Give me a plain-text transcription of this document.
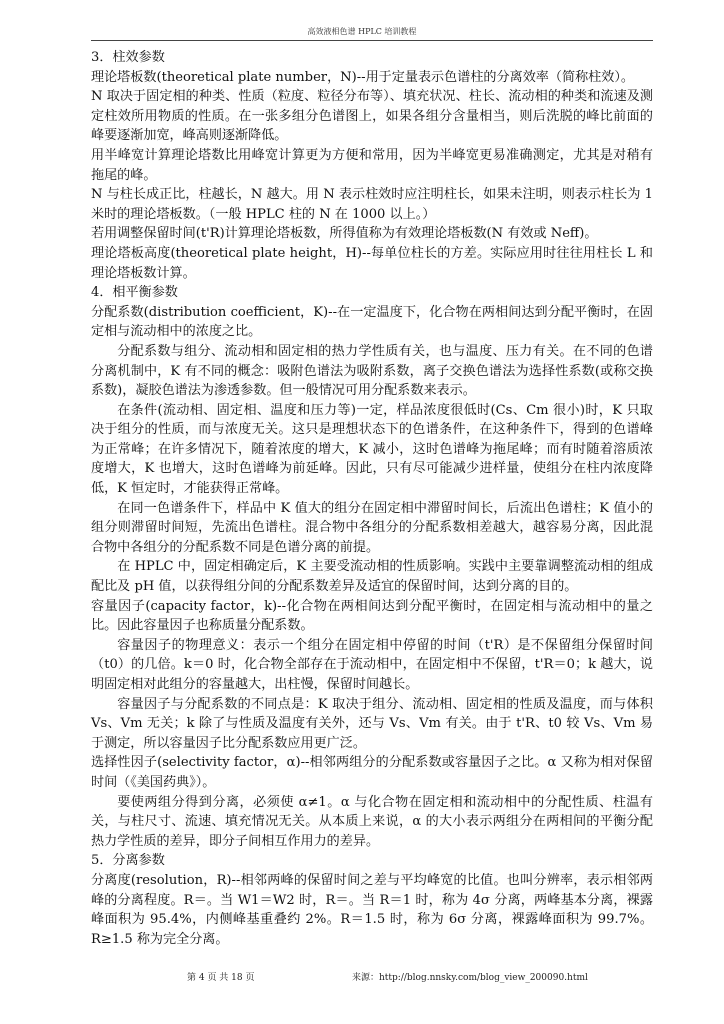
高效液相色谱 HPLC 培训教程

3．柱效参数

理论塔板数(theoretical plate number，N)--用于定量表示色谱柱的分离效率（简称柱效）。

N 取决于固定相的种类、性质（粒度、粒径分布等）、填充状况、柱长、流动相的种类和流速及测定柱效所用物质的性质。在一张多组分色谱图上，如果各组分含量相当，则后洗脱的峰比前面的峰要逐渐加宽，峰高则逐渐降低。

用半峰宽计算理论塔数比用峰宽计算更为方便和常用，因为半峰宽更易准确测定，尤其是对稍有拖尾的峰。

N 与柱长成正比，柱越长，N 越大。用 N 表示柱效时应注明柱长，如果未注明，则表示柱长为 1 米时的理论塔板数。（一般 HPLC 柱的 N 在 1000 以上。）

若用调整保留时间(t'R)计算理论塔板数，所得值称为有效理论塔板数(N 有效或 Neff)。

理论塔板高度(theoretical plate height，H)--每单位柱长的方差。实际应用时往往用柱长 L 和理论塔板数计算。

4．相平衡参数

分配系数(distribution coefficient，K)--在一定温度下，化合物在两相间达到分配平衡时，在固定相与流动相中的浓度之比。

分配系数与组分、流动相和固定相的热力学性质有关，也与温度、压力有关。在不同的色谱分离机制中，K 有不同的概念：吸附色谱法为吸附系数，离子交换色谱法为选择性系数(或称交换系数)，凝胶色谱法为渗透参数。但一般情况可用分配系数来表示。

在条件(流动相、固定相、温度和压力等)一定，样品浓度很低时(Cs、Cm 很小)时，K 只取决于组分的性质，而与浓度无关。这只是理想状态下的色谱条件，在这种条件下，得到的色谱峰为正常峰；在许多情况下，随着浓度的增大，K 减小，这时色谱峰为拖尾峰；而有时随着溶质浓度增大，K 也增大，这时色谱峰为前延峰。因此，只有尽可能减少进样量，使组分在柱内浓度降低，K 恒定时，才能获得正常峰。

在同一色谱条件下，样品中 K 值大的组分在固定相中滞留时间长，后流出色谱柱；K 值小的组分则滞留时间短，先流出色谱柱。混合物中各组分的分配系数相差越大，越容易分离，因此混合物中各组分的分配系数不同是色谱分离的前提。

在 HPLC 中，固定相确定后，K 主要受流动相的性质影响。实践中主要靠调整流动相的组成配比及 pH 值，以获得组分间的分配系数差异及适宜的保留时间，达到分离的目的。

容量因子(capacity factor，k)--化合物在两相间达到分配平衡时，在固定相与流动相中的量之比。因此容量因子也称质量分配系数。

容量因子的物理意义：表示一个组分在固定相中停留的时间（t'R）是不保留组分保留时间（t0）的几倍。k＝0 时，化合物全部存在于流动相中，在固定相中不保留，t'R＝0；k 越大，说明固定相对此组分的容量越大，出柱慢，保留时间越长。

容量因子与分配系数的不同点是：K 取决于组分、流动相、固定相的性质及温度，而与体积 Vs、Vm 无关；k 除了与性质及温度有关外，还与 Vs、Vm 有关。由于 t'R、t0 较 Vs、Vm 易于测定，所以容量因子比分配系数应用更广泛。

选择性因子(selectivity factor，α)--相邻两组分的分配系数或容量因子之比。α 又称为相对保留时间（《美国药典》）。

要使两组分得到分离，必须使 α≠1。α 与化合物在固定相和流动相中的分配性质、柱温有关，与柱尺寸、流速、填充情况无关。从本质上来说，α 的大小表示两组分在两相间的平衡分配热力学性质的差异，即分子间相互作用力的差异。

5．分离参数

分离度(resolution，R)--相邻两峰的保留时间之差与平均峰宽的比值。也叫分辨率，表示相邻两峰的分离程度。R＝。当 W1＝W2 时，R＝。当 R＝1 时，称为 4σ 分离，两峰基本分离，裸露峰面积为 95.4%，内侧峰基重叠约 2%。R＝1.5 时，称为 6σ 分离，裸露峰面积为 99.7%。R≥1.5 称为完全分离。

第 4 页 共 18 页	来源：http://blog.nnsky.com/blog_view_200090.html
